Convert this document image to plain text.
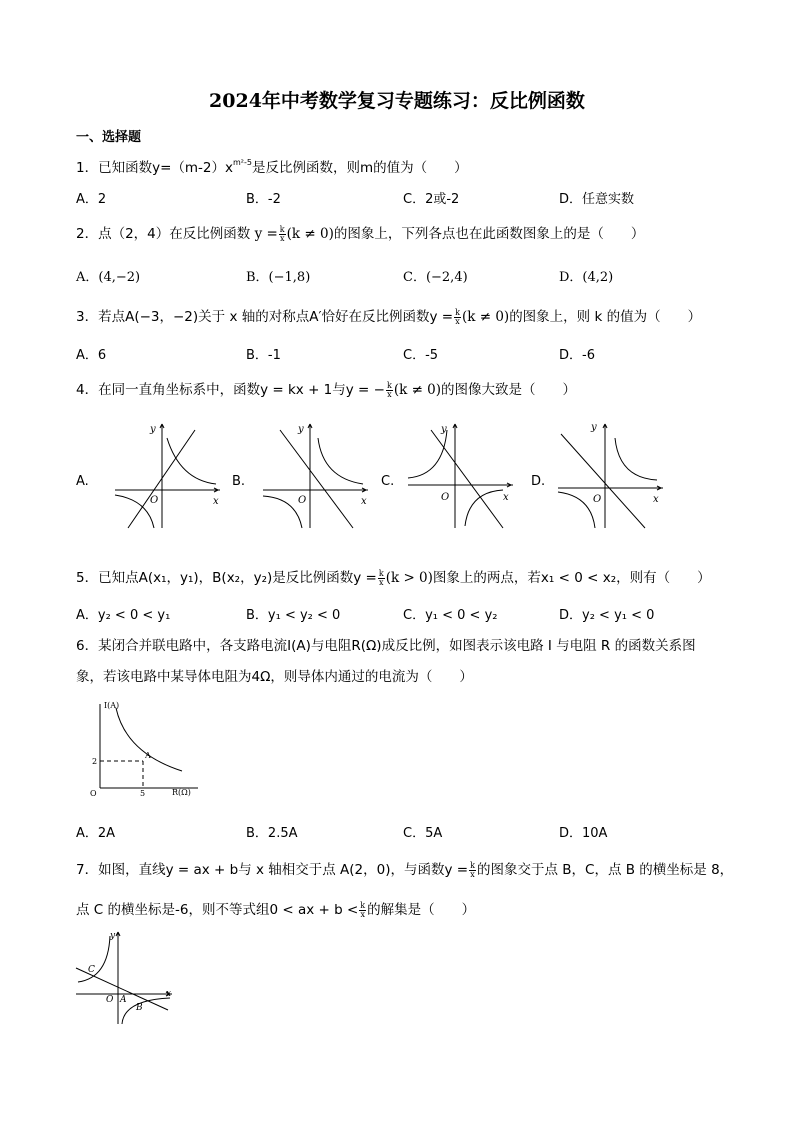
2024年中考数学复习专题练习：反比例函数
一、选择题
1．已知函数$y=(m-2)x^{m^2-5}$是反比例函数，则m的值为（　　）
A．2	B．-2	C．2或-2	D．任意实数
2．点（2，4）在反比例函数 $y = \frac{k}{x} (k \ne 0)$的图象上，下列各点也在此函数图象上的是（　　）
A．(4,−2)	B．(−1,8)	C．(−2,4)	D．(4,2)
3．若点A(−3，−2)关于 x 轴的对称点A′恰好在反比例函数$y = \frac{k}{x} (k \ne 0)$的图象上，则 k 的值为（　　）
A．6	B．-1	C．-5	D．-6
4．在同一直角坐标系中，函数y = kx + 1与y = − $\frac{k}{x} (k \ne 0)$的图像大致是（　　）
A.
x
y
O
B.
x
y
O
C.
x
y
O
D.
x
y
O
5．已知点A(x₁，y₁)，B(x₂，y₂)是反比例函数$y = \frac{k}{x} (k > 0)$图象上的两点，若x₁ < 0 < x₂，则有（　　）
A．y₂ < 0 < y₁	B．y₁ < y₂ < 0	C．y₁ < 0 < y₂	D．y₂ < y₁ < 0
6．某闭合并联电路中，各支路电流I(A)与电阻R(Ω)成反比例，如图表示该电路 I 与电阻 R 的函数关系图
象，若该电路中某导体电阻为4Ω，则导体内通过的电流为（　　）
I(A)
R(Ω)
2
5
A
O
A．2A	B．2.5A	C．5A	D．10A
7．如图，直线y = ax + b与 x 轴相交于点 A(2，0)，与函数$y = \frac{k}{x}$ 的图象交于点 B，C，点 B 的横坐标是 8，
点 C 的横坐标是-6，则不等式组0 < ax + $b < \frac{k}{x}$ 的解集是（　　）
x
y
O A
B
C
